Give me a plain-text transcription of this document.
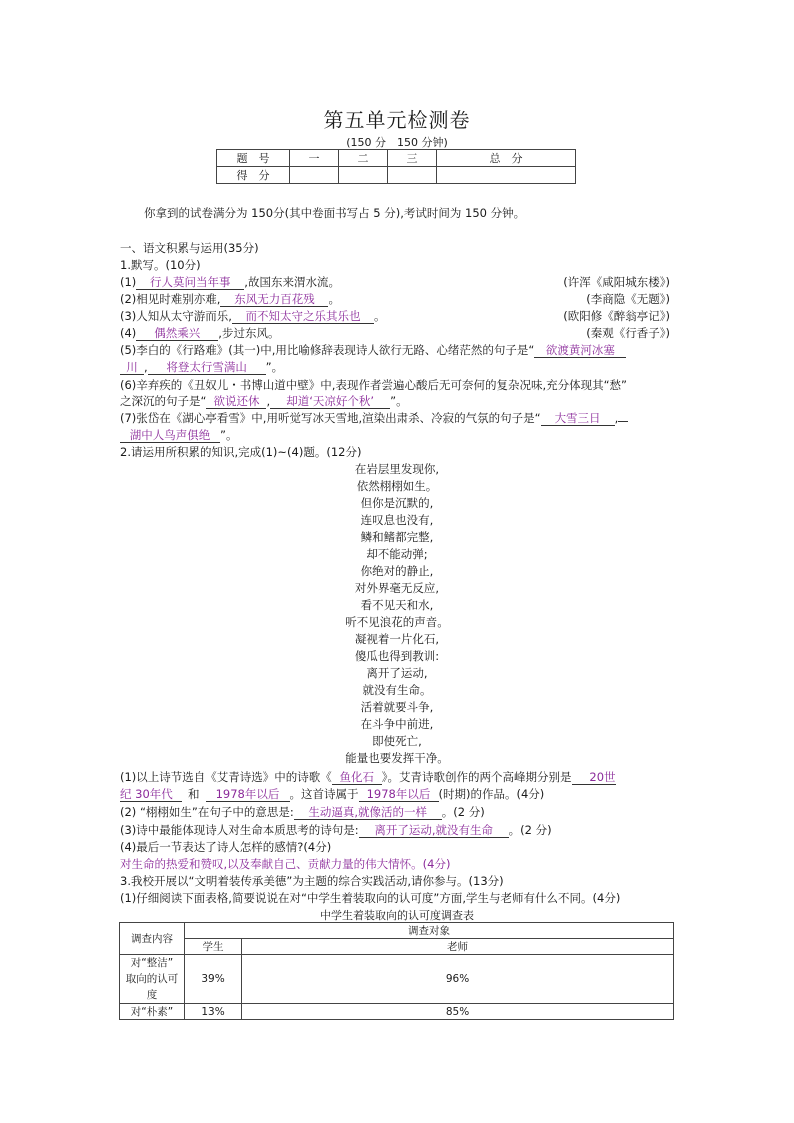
第五单元检测卷
(150 分　150 分钟)
题　号	一	二	三	总　分
得　分				
你拿到的试卷满分为 150分(其中卷面书写占 5 分),考试时间为 150 分钟。
一、语文积累与运用(35分)
1.默写。(10分)
(1) 行人莫问当年事 ,故国东来渭水流。	(许浑《咸阳城东楼》)
(2)相见时难别亦难, 东风无力百花残 。	(李商隐《无题》)
(3)人知从太守游而乐, 而不知太守之乐其乐也 。	(欧阳修《醉翁亭记》)
(4) 偶然乘兴 ,步过东风。	(秦观《行香子》)
(5)李白的《行路难》(其一)中,用比喻修辞表现诗人欲行无路、心绪茫然的句子是“ 欲渡黄河冰塞
川 , 将登太行雪满山 ”。
(6)辛弃疾的《丑奴儿・书博山道中壁》中,表现作者尝遍心酸后无可奈何的复杂况味,充分体现其“愁”
之深沉的句子是“ 欲说还休 , 却道‘天凉好个秋’ ”。
(7)张岱在《湖心亭看雪》中,用听觉写冰天雪地,渲染出肃杀、冷寂的气氛的句子是“ 大雪三日 ,
湖中人鸟声俱绝 ”。
2.请运用所积累的知识,完成(1)~(4)题。(12分)
在岩层里发现你,
依然栩栩如生。
但你是沉默的,
连叹息也没有,
鳞和鳍都完整,
却不能动弹;
你绝对的静止,
对外界毫无反应,
看不见天和水,
听不见浪花的声音。
凝视着一片化石,
傻瓜也得到教训:
离开了运动,
就没有生命。
活着就要斗争,
在斗争中前进,
即使死亡,
能量也要发挥干净。
(1)以上诗节选自《艾青诗选》中的诗歌《 鱼化石 》。艾青诗歌创作的两个高峰期分别是 20世
纪 30年代 和 1978年以后 。这首诗属于 1978年以后 (时期)的作品。(4分)
(2) “栩栩如生”在句子中的意思是: 生动逼真,就像活的一样 。(2 分)
(3)诗中最能体现诗人对生命本质思考的诗句是: 离开了运动,就没有生命 。(2 分)
(4)最后一节表达了诗人怎样的感情?(4分)
对生命的热爱和赞叹,以及奉献自己、贡献力量的伟大情怀。(4分)
3.我校开展以“文明着装传承美德”为主题的综合实践活动,请你参与。(13分)
(1)仔细阅读下面表格,简要说说在对“中学生着装取向的认可度”方面,学生与老师有什么不同。(4分)
中学生着装取向的认可度调查表
调查内容	调查对象	
	学生	老师

对“整洁”
取向的认可
度	39%	96%
对“朴素”	13%	85%
